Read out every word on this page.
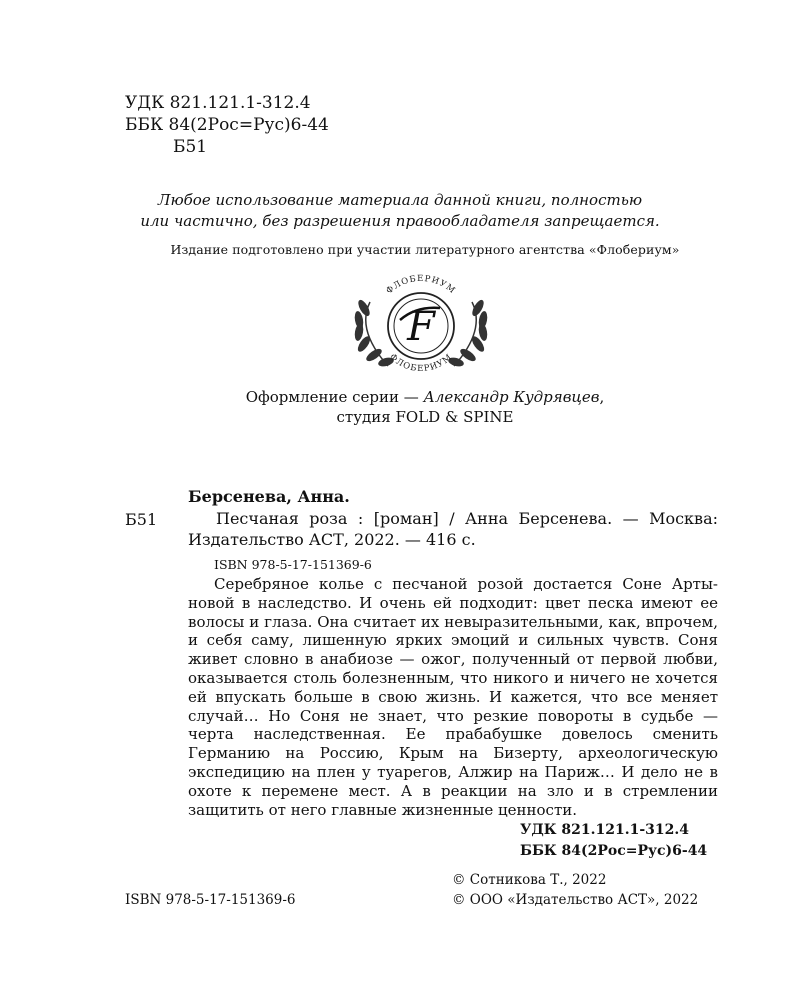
УДК 821.121.1-312.4
ББК 84(2Рос=Рус)6-44
Б51
Любое использование материала данной книги, полностью
или частично, без разрешения правообладателя запрещается.
Издание подготовлено при участии литературного агентства «Флобериум»
ФЛОБЕРИУМ
ФЛОБЕРИУМ
F
Оформление серии — Александр Кудрявцев,
студия FOLD & SPINE
Берсенева, Анна.
Б51	Песчаная роза : [роман] / Анна Берсенева. — Москва: Издательство АСТ, 2022. — 416 с.
ISBN 978-5-17-151369-6
Серебряное колье с песчаной розой достается Соне Артыновой в наследство. И очень ей подходит: цвет песка имеют ее волосы и глаза. Она считает их невыразительными, как, впрочем, и себя саму, лишенную ярких эмоций и сильных чувств. Соня живет словно в анабиозе — ожог, полученный от первой любви, оказывается столь болезненным, что никого и ничего не хочется ей впускать больше в свою жизнь. И кажется, что все меняет случай… Но Соня не знает, что резкие повороты в судьбе — черта наследственная. Ее прабабушке довелось сменить Германию на Россию, Крым на Бизерту, археологическую экспедицию на плен у туарегов, Алжир на Париж… И дело не в охоте к перемене мест. А в реакции на зло и в стремлении защитить от него главные жизненные ценности.
УДК 821.121.1-312.4
ББК 84(2Рос=Рус)6-44
© Сотникова Т., 2022
© ООО «Издательство АСТ», 2022
ISBN 978-5-17-151369-6
